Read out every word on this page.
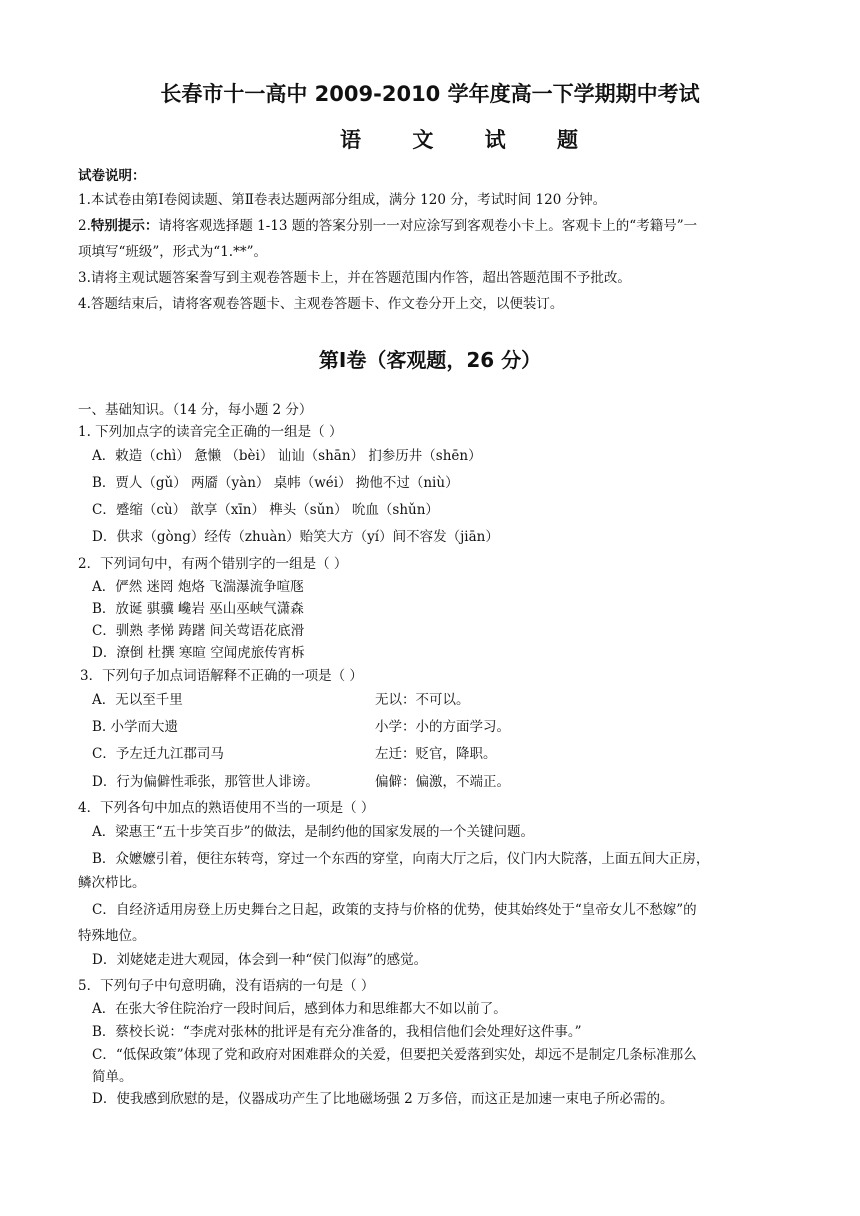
长春市十一高中 2009-2010 学年度高一下学期期中考试
语 文 试 题
试卷说明：
1.本试卷由第Ⅰ卷阅读题、第Ⅱ卷表达题两部分组成，满分 120 分，考试时间 120 分钟。
2.特别提示：请将客观选择题 1-13 题的答案分别一一对应涂写到客观卷小卡上。客观卡上的“考籍号”一
项填写“班级”，形式为“1.**”。
3.请将主观试题答案誊写到主观卷答题卡上，并在答题范围内作答，超出答题范围不予批改。
4.答题结束后，请将客观卷答题卡、主观卷答题卡、作文卷分开上交，以便装订。
第Ⅰ卷（客观题，26 分）
一、基础知识。（14 分，每小题 2 分）
1. 下列加点字的读音完全正确的一组是（ ）
A．敕造（chì） 惫懒 （bèi） 讪讪（shān） 扪参历井（shēn）
B．贾人（gǔ） 两靥（yàn） 桌帏（wéi） 拗他不过（niù）
C．蹙缩（cù） 歆享（xīn） 榫头（sǔn） 吮血（shǔn）
D．供求（gòng）经传（zhuàn）贻笑大方（yí）间不容发（jiān）
2．下列词句中，有两个错别字的一组是（ ）
A．俨然 迷罔 炮烙 飞湍瀑流争喧豗
B．放诞 骐骥 巉岩 巫山巫峡气潇森
C．驯熟 孝悌 踌躇 间关莺语花底滑
D．潦倒 杜撰 寒暄 空闻虎旅传宵柝
3．下列句子加点词语解释不正确的一项是（ ）
A．无以至千里	无以：不可以。
B. 小学而大遗	小学：小的方面学习。
C．予左迁九江郡司马	左迁：贬官，降职。
D．行为偏僻性乖张，那管世人诽谤。	偏僻：偏激，不端正。
4．下列各句中加点的熟语使用不当的一项是（ ）
A．梁惠王“五十步笑百步”的做法，是制约他的国家发展的一个关键问题。
B．众嬷嬷引着，便往东转弯，穿过一个东西的穿堂，向南大厅之后，仪门内大院落，上面五间大正房，
鳞次栉比。
C．自经济适用房登上历史舞台之日起，政策的支持与价格的优势，使其始终处于“皇帝女儿不愁嫁”的
特殊地位。
D．刘姥姥走进大观园，体会到一种“侯门似海”的感觉。
5．下列句子中句意明确，没有语病的一句是（ ）
A．在张大爷住院治疗一段时间后，感到体力和思维都大不如以前了。
B．蔡校长说：“李虎对张林的批评是有充分准备的，我相信他们会处理好这件事。”
C．“低保政策”体现了党和政府对困难群众的关爱，但要把关爱落到实处，却远不是制定几条标准那么
简单。
D．使我感到欣慰的是，仪器成功产生了比地磁场强 2 万多倍，而这正是加速一束电子所必需的。
